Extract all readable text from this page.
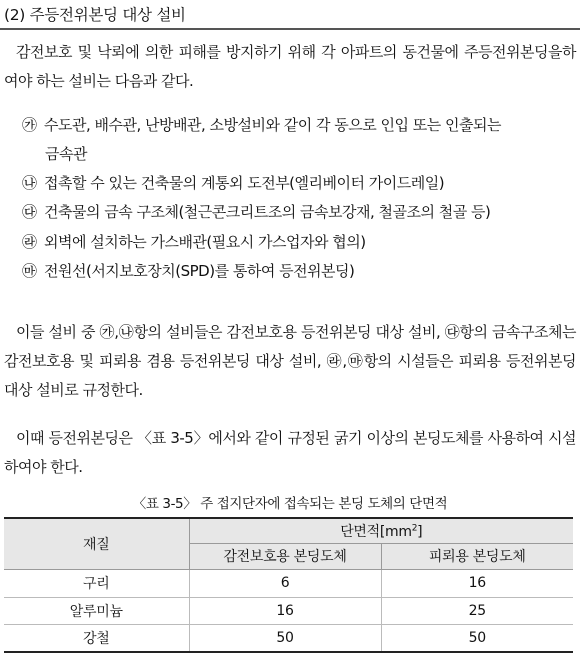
(2) 주등전위본딩 대상 설비

감전보호 및 낙뢰에 의한 피해를 방지하기 위해 각 아파트의 동건물에 주등전위본딩을하여야 하는 설비는 다음과 같다.

㉮ 수도관, 배수관, 난방배관, 소방설비와 같이 각 동으로 인입 또는 인출되는
금속관
㉯ 접촉할 수 있는 건축물의 계통외 도전부(엘리베이터 가이드레일)
㉰ 건축물의 금속 구조체(철근콘크리트조의 금속보강재, 철골조의 철골 등)
㉱ 외벽에 설치하는 가스배관(필요시 가스업자와 협의)
㉲ 전원선(서지보호장치(SPD)를 통하여 등전위본딩)

이들 설비 중 ㉮,㉯항의 설비들은 감전보호용 등전위본딩 대상 설비, ㉰항의 금속구조체는 감전보호용 및 피뢰용 겸용 등전위본딩 대상 설비, ㉱,㉲항의 시설들은 피뢰용 등전위본딩 대상 설비로 규정한다.

이때 등전위본딩은 〈표 3-5〉에서와 같이 규정된 굵기 이상의 본딩도체를 사용하여 시설하여야 한다.

〈표 3-5〉 주 접지단자에 접속되는 본딩 도체의 단면적
재질	단면적$[mm^2]$	
	감전보호용 본딩도체	피뢰용 본딩도체
구리	6	16
알루미늄	16	25
강철	50	50
